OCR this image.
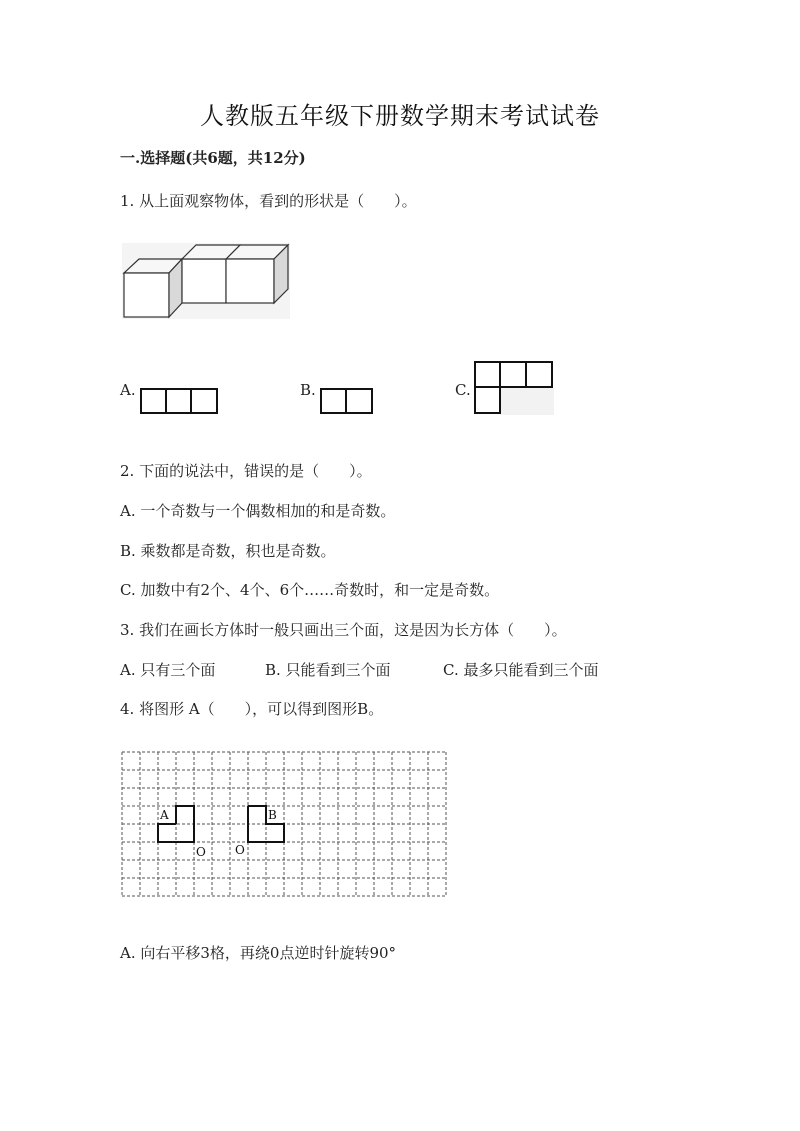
人教版五年级下册数学期末考试试卷
一.选择题(共6题，共12分)
1. 从上面观察物体，看到的形状是（　　）。
A.	B.	C.
2. 下面的说法中，错误的是（　　）。
A. 一个奇数与一个偶数相加的和是奇数。
B. 乘数都是奇数，积也是奇数。
C. 加数中有2个、4个、6个……奇数时，和一定是奇数。
3. 我们在画长方体时一般只画出三个面，这是因为长方体（　　）。
A. 只有三个面	B. 只能看到三个面	C. 最多只能看到三个面
4. 将图形 A（　　），可以得到图形B。
A	B
O O
A. 向右平移3格，再绕0点逆时针旋转90°
